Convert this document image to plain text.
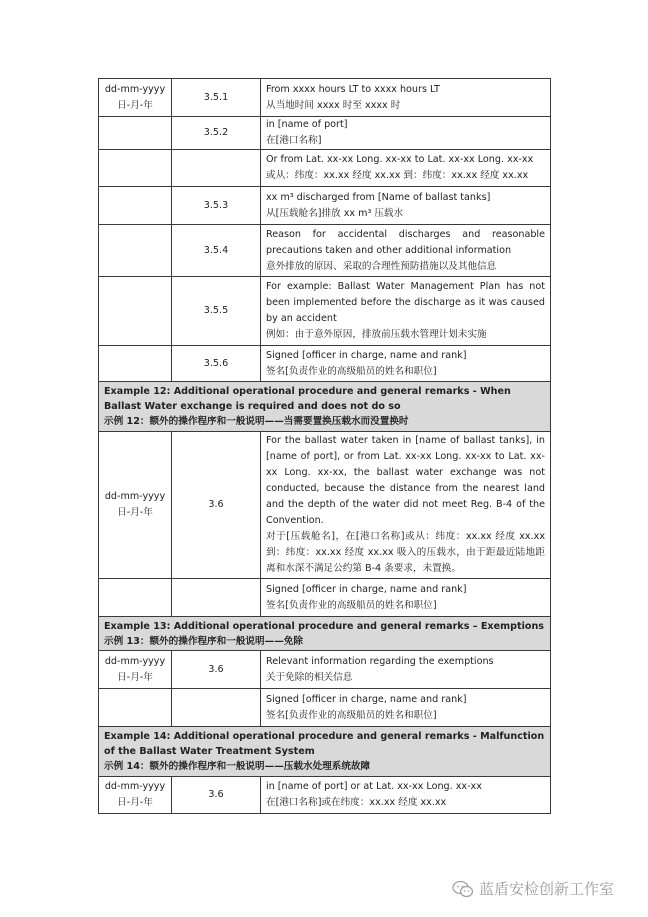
dd-mm-yyyy
日-月-年	3.5.1	From xxxx hours LT to xxxx hours LT
从当地时间 xxxx 时至 xxxx 时

	3.5.2	in [name of port]
在[港口名称]

		Or from Lat. xx-xx Long. xx-xx to Lat. xx-xx Long. xx-xx
或从：纬度：xx.xx 经度 xx.xx 到：纬度：xx.xx 经度 xx.xx

	3.5.3	xx m³ discharged from [Name of ballast tanks]
从[压载舱名]排放 xx m³ 压载水

	3.5.4	Reason for accidental discharges and reasonable precautions taken and other additional information
意外排放的原因、采取的合理性预防措施以及其他信息

	3.5.5	For example: Ballast Water Management Plan has not been implemented before the discharge as it was caused by an accident
例如：由于意外原因，排放前压载水管理计划未实施

	3.5.6	Signed [officer in charge, name and rank]
签名[负责作业的高级船员的姓名和职位]

Example 12: Additional operational procedure and general remarks - When Ballast Water exchange is required and does not do so
示例 12：额外的操作程序和一般说明——当需要置换压载水而没置换时		

dd-mm-yyyy
日-月-年	3.6	For the ballast water taken in [name of ballast tanks], in [name of port], or from Lat. xx-xx Long. xx-xx to Lat. xx-xx Long. xx-xx, the ballast water exchange was not conducted, because the distance from the nearest land and the depth of the water did not meet Reg. B-4 of the Convention.
对于[压载舱名]，在[港口名称]或从：纬度：xx.xx 经度 xx.xx 到：纬度：xx.xx 经度 xx.xx 吸入的压载水，由于距最近陆地距离和水深不满足公约第 B-4 条要求，未置换。

		Signed [officer in charge, name and rank]
签名[负责作业的高级船员的姓名和职位]

Example 13: Additional operational procedure and general remarks – Exemptions
示例 13：额外的操作程序和一般说明——免除		

dd-mm-yyyy
日-月-年	3.6	Relevant information regarding the exemptions
关于免除的相关信息

		Signed [officer in charge, name and rank]
签名[负责作业的高级船员的姓名和职位]

Example 14: Additional operational procedure and general remarks - Malfunction of the Ballast Water Treatment System
示例 14：额外的操作程序和一般说明——压载水处理系统故障		

dd-mm-yyyy
日-月-年	3.6	in [name of port] or at Lat. xx-xx Long. xx-xx
在[港口名称]或在纬度：xx.xx 经度 xx.xx
蓝盾安检创新工作室
